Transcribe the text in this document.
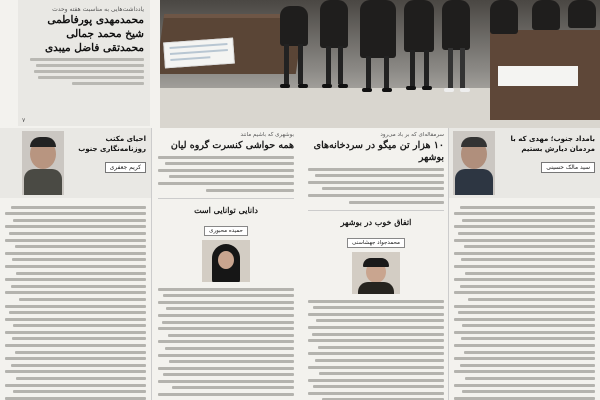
یادداشت‌هایی به مناسبت هفته وحدت
محمدمهدی پورفاطمی
شیخ محمد جمالی
محمدتقی فاضل میبدی
۷
بامداد جنوب؛ مهدی که با مردمان دیارش بستیم
سید مالک حسینی
احیای مکتب روزنامه‌نگاری جنوب
کریم جعفری
سرمقاله‌ای که بر باد می‌رود
۱۰ هزار تن میگو در سردخانه‌های بوشهر
اتفاق خوب در بوشهر
محمدجواد جهشاسنی
بوشهری که باشیم مانند
همه حواشی کنسرت گروه لیان
دانایی توانایی است
حمیده محبوری
